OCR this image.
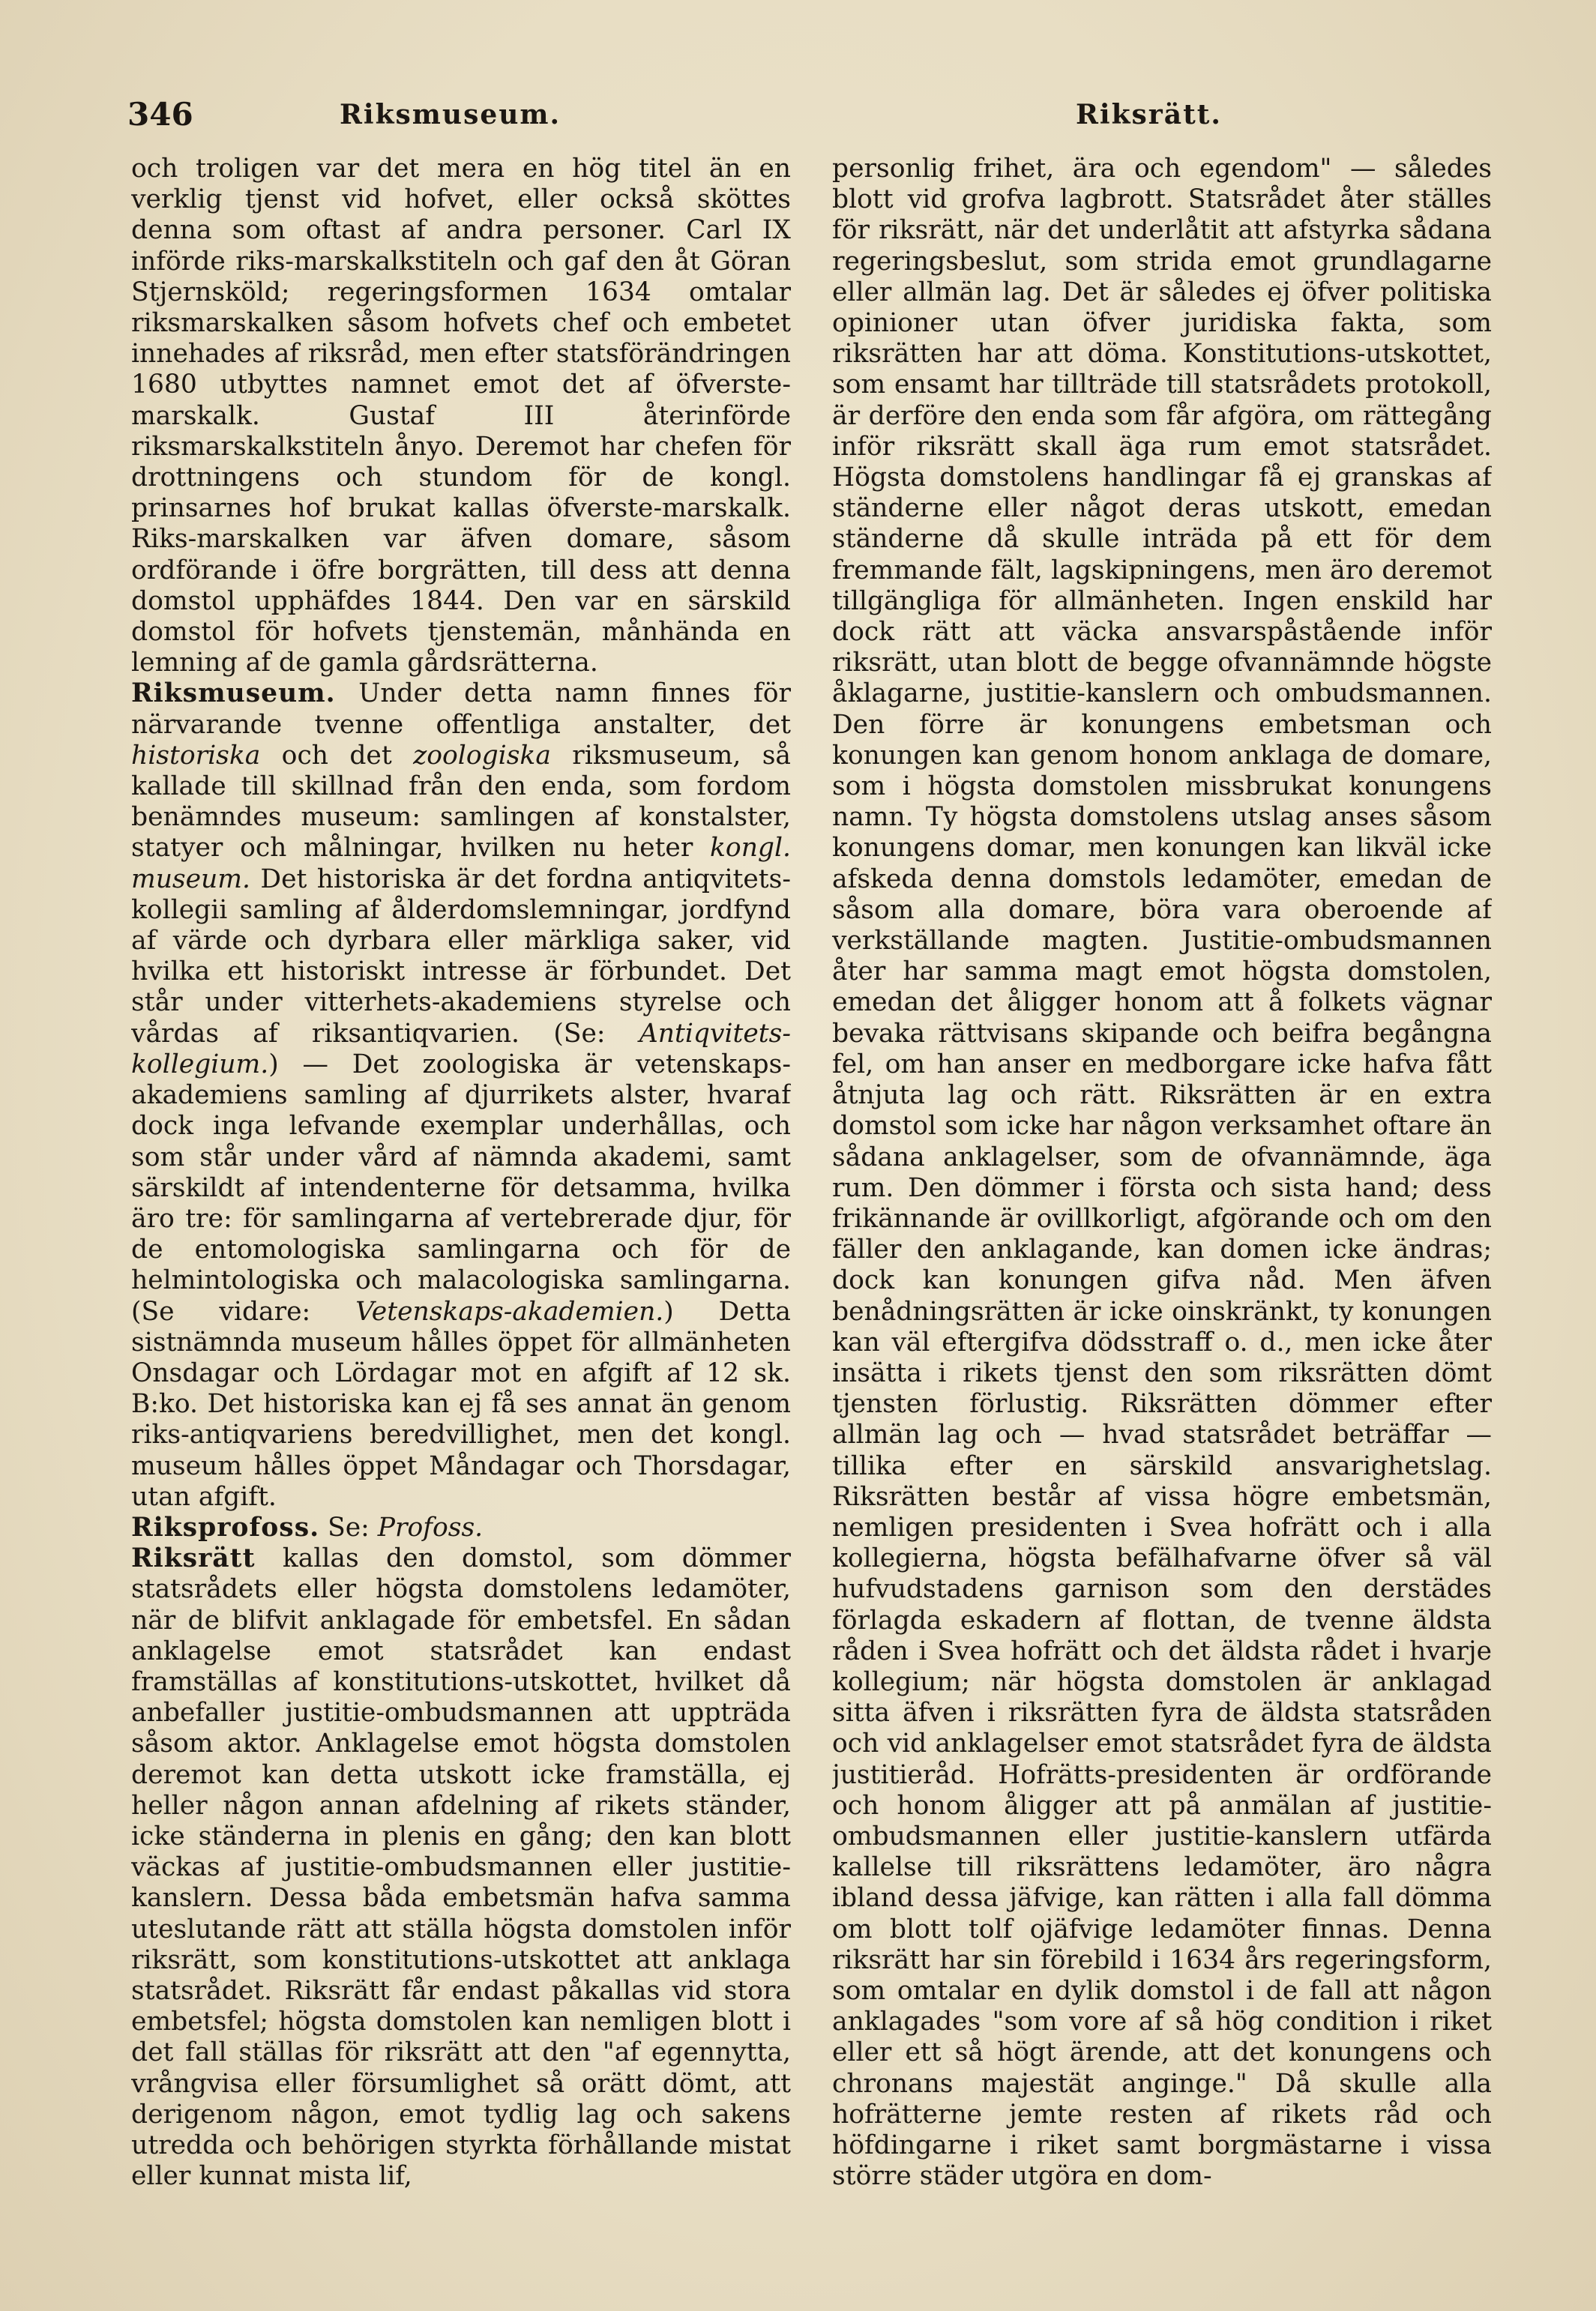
346	Riksmuseum.	Riksrätt.

och troligen var det mera en hög titel än en verklig tjenst vid hofvet, eller också sköttes denna som oftast af andra personer. Carl IX införde riks-marskalkstiteln och gaf den åt Göran Stjernsköld; regeringsformen 1634 omtalar riksmarskalken såsom hofvets chef och embetet innehades af riksråd, men efter statsförändringen 1680 utbyttes namnet emot det af öfverste-marskalk. Gustaf III återinförde riksmarskalkstiteln ånyo. Deremot har chefen för drottningens och stundom för de kongl. prinsarnes hof brukat kallas öfverste-marskalk. Riks-marskalken var äfven domare, såsom ordförande i öfre borgrätten, till dess att denna domstol upphäfdes 1844. Den var en särskild domstol för hofvets tjenstemän, månhända en lemning af de gamla gårdsrätterna.

Riksmuseum. Under detta namn finnes för närvarande tvenne offentliga anstalter, det historiska och det zoologiska riksmuseum, så kallade till skillnad från den enda, som fordom benämndes museum: samlingen af konstalster, statyer och målningar, hvilken nu heter kongl. museum. Det historiska är det fordna antiqvitets-kollegii samling af ålderdomslemningar, jordfynd af värde och dyrbara eller märkliga saker, vid hvilka ett historiskt intresse är förbundet. Det står under vitterhets-akademiens styrelse och vårdas af riksantiqvarien. (Se: Antiqvitets-kollegium.) — Det zoologiska är vetenskaps-akademiens samling af djurrikets alster, hvaraf dock inga lefvande exemplar underhållas, och som står under vård af nämnda akademi, samt särskildt af intendenterne för detsamma, hvilka äro tre: för samlingarna af vertebrerade djur, för de entomologiska samlingarna och för de helmintologiska och malacologiska samlingarna. (Se vidare: Vetenskaps-akademien.) Detta sistnämnda museum hålles öppet för allmänheten Onsdagar och Lördagar mot en afgift af 12 sk. B:ko. Det historiska kan ej få ses annat än genom riks-antiqvariens beredvillighet, men det kongl. museum hålles öppet Måndagar och Thorsdagar, utan afgift.

Riksprofoss. Se: Profoss.

Riksrätt kallas den domstol, som dömmer statsrådets eller högsta domstolens ledamöter, när de blifvit anklagade för embetsfel. En sådan anklagelse emot statsrådet kan endast framställas af konstitutions-utskottet, hvilket då anbefaller justitie-ombudsmannen att uppträda såsom aktor. Anklagelse emot högsta domstolen deremot kan detta utskott icke framställa, ej heller någon annan afdelning af rikets ständer, icke ständerna in plenis en gång; den kan blott väckas af justitie-ombudsmannen eller justitie-kanslern. Dessa båda embetsmän hafva samma uteslutande rätt att ställa högsta domstolen inför riksrätt, som konstitutions-utskottet att anklaga statsrådet. Riksrätt får endast påkallas vid stora embetsfel; högsta domstolen kan nemligen blott i det fall ställas för riksrätt att den "af egennytta, vrångvisa eller försumlighet så orätt dömt, att derigenom någon, emot tydlig lag och sakens utredda och behörigen styrkta förhållande mistat eller kunnat mista lif,

personlig frihet, ära och egendom" — således blott vid grofva lagbrott. Statsrådet åter ställes för riksrätt, när det underlåtit att afstyrka sådana regeringsbeslut, som strida emot grundlagarne eller allmän lag. Det är således ej öfver politiska opinioner utan öfver juridiska fakta, som riksrätten har att döma. Konstitutions-utskottet, som ensamt har tillträde till statsrådets protokoll, är derföre den enda som får afgöra, om rättegång inför riksrätt skall äga rum emot statsrådet. Högsta domstolens handlingar få ej granskas af ständerne eller något deras utskott, emedan ständerne då skulle inträda på ett för dem fremmande fält, lagskipningens, men äro deremot tillgängliga för allmänheten. Ingen enskild har dock rätt att väcka ansvarspåstående inför riksrätt, utan blott de begge ofvannämnde högste åklagarne, justitie-kanslern och ombudsmannen. Den förre är konungens embetsman och konungen kan genom honom anklaga de domare, som i högsta domstolen missbrukat konungens namn. Ty högsta domstolens utslag anses såsom konungens domar, men konungen kan likväl icke afskeda denna domstols ledamöter, emedan de såsom alla domare, böra vara oberoende af verkställande magten. Justitie-ombudsmannen åter har samma magt emot högsta domstolen, emedan det åligger honom att å folkets vägnar bevaka rättvisans skipande och beifra begångna fel, om han anser en medborgare icke hafva fått åtnjuta lag och rätt. Riksrätten är en extra domstol som icke har någon verksamhet oftare än sådana anklagelser, som de ofvannämnde, äga rum. Den dömmer i första och sista hand; dess frikännande är ovillkorligt, afgörande och om den fäller den anklagande, kan domen icke ändras; dock kan konungen gifva nåd. Men äfven benådningsrätten är icke oinskränkt, ty konungen kan väl eftergifva dödsstraff o. d., men icke åter insätta i rikets tjenst den som riksrätten dömt tjensten förlustig. Riksrätten dömmer efter allmän lag och — hvad statsrådet beträffar — tillika efter en särskild ansvarighetslag. Riksrätten består af vissa högre embetsmän, nemligen presidenten i Svea hofrätt och i alla kollegierna, högsta befälhafvarne öfver så väl hufvudstadens garnison som den derstädes förlagda eskadern af flottan, de tvenne äldsta råden i Svea hofrätt och det äldsta rådet i hvarje kollegium; när högsta domstolen är anklagad sitta äfven i riksrätten fyra de äldsta statsråden och vid anklagelser emot statsrådet fyra de äldsta justitieråd. Hofrätts-presidenten är ordförande och honom åligger att på anmälan af justitie-ombudsmannen eller justitie-kanslern utfärda kallelse till riksrättens ledamöter, äro några ibland dessa jäfvige, kan rätten i alla fall dömma om blott tolf ojäfvige ledamöter finnas. Denna riksrätt har sin förebild i 1634 års regeringsform, som omtalar en dylik domstol i de fall att någon anklagades "som vore af så hög condition i riket eller ett så högt ärende, att det konungens och chronans majestät anginge." Då skulle alla hofrätterne jemte resten af rikets råd och höfdingarne i riket samt borgmästarne i vissa större städer utgöra en dom-
